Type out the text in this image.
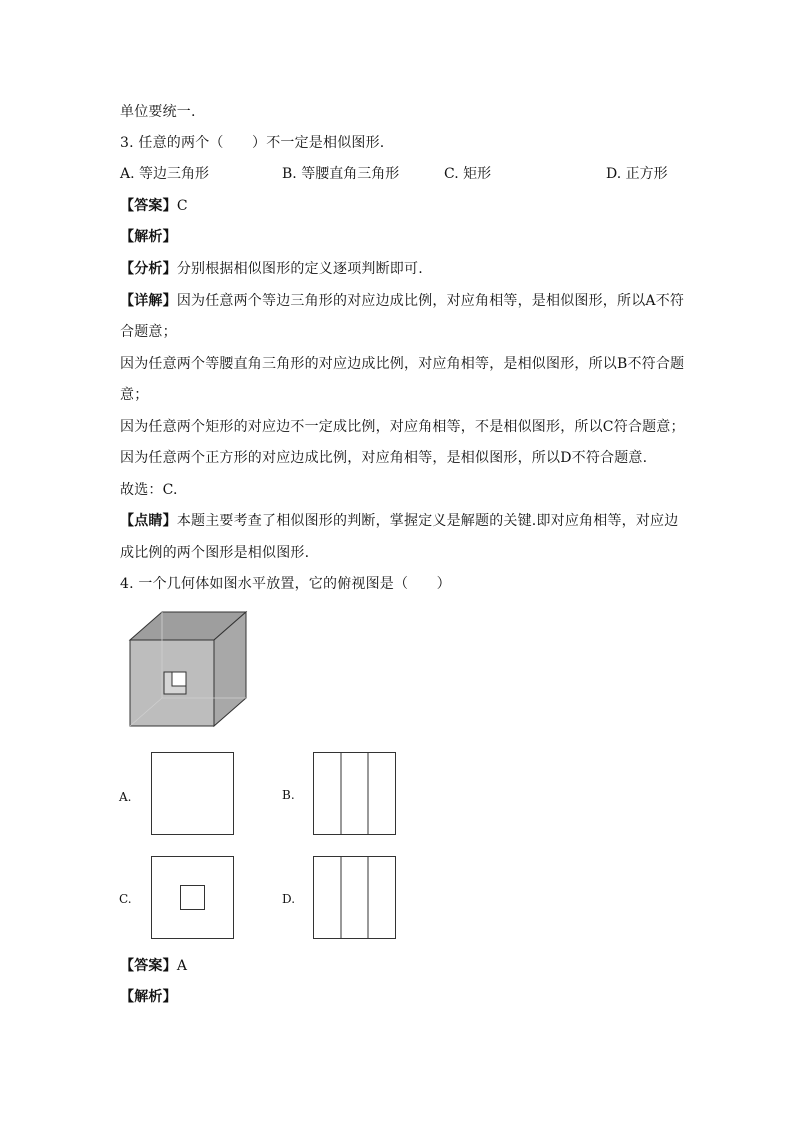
单位要统一.
3. 任意的两个（　　）不一定是相似图形.
A. 等边三角形	B. 等腰直角三角形	C. 矩形	D. 正方形
【答案】C
【解析】
【分析】分别根据相似图形的定义逐项判断即可.
【详解】因为任意两个等边三角形的对应边成比例，对应角相等，是相似图形，所以A不符
合题意；
因为任意两个等腰直角三角形的对应边成比例，对应角相等，是相似图形，所以B不符合题
意；
因为任意两个矩形的对应边不一定成比例，对应角相等，不是相似图形，所以C符合题意；
因为任意两个正方形的对应边成比例，对应角相等，是相似图形，所以D不符合题意.
故选：C.
【点睛】本题主要考查了相似图形的判断，掌握定义是解题的关键.即对应角相等，对应边
成比例的两个图形是相似图形.
4. 一个几何体如图水平放置，它的俯视图是（　　）
A.	B.
C.	D.
【答案】A
【解析】
